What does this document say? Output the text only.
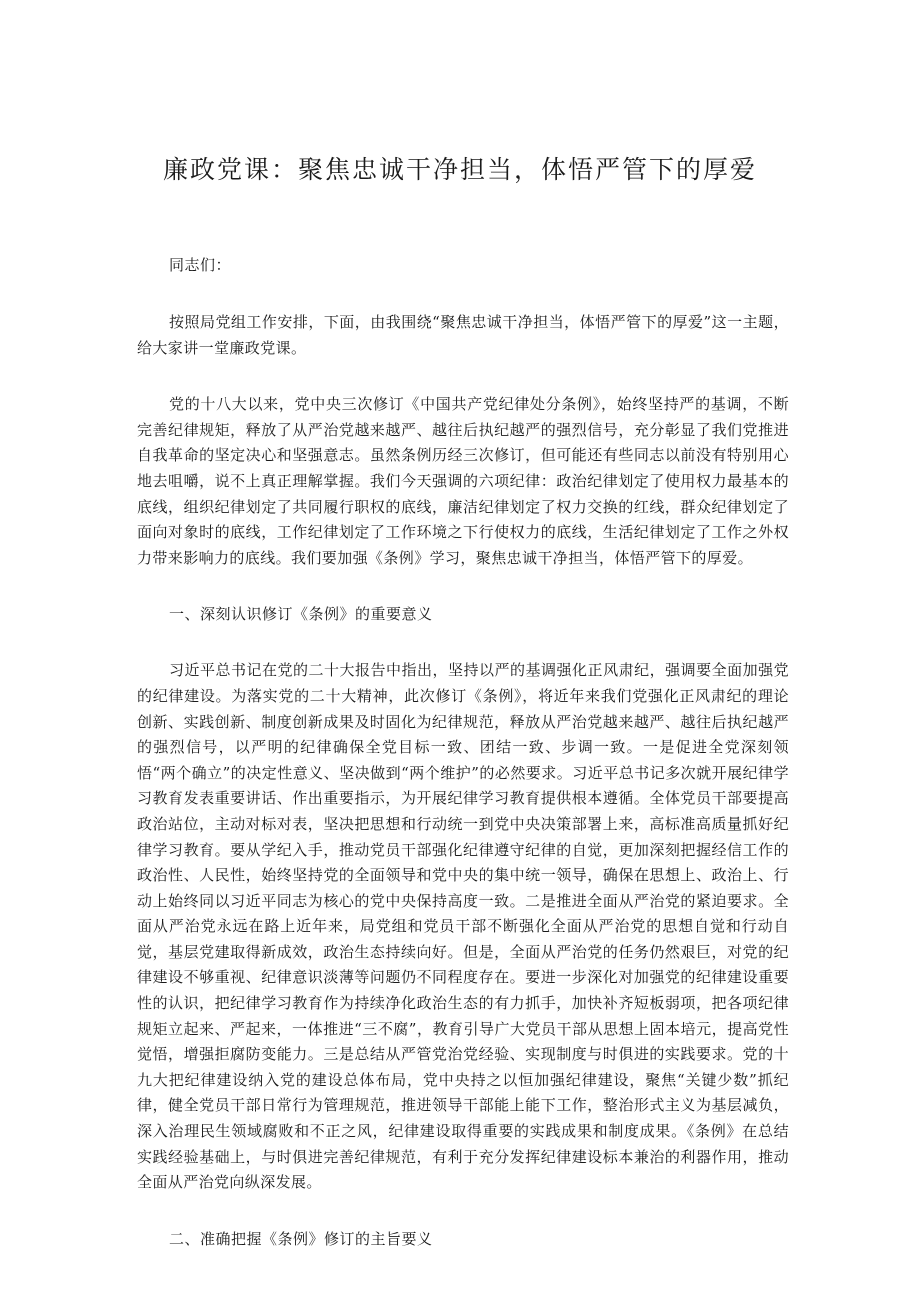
廉政党课：聚焦忠诚干净担当，体悟严管下的厚爱

同志们：

按照局党组工作安排，下面，由我围绕“聚焦忠诚干净担当，体悟严管下的厚爱”这一主题，给大家讲一堂廉政党课。

党的十八大以来，党中央三次修订《中国共产党纪律处分条例》，始终坚持严的基调，不断完善纪律规矩，释放了从严治党越来越严、越往后执纪越严的强烈信号，充分彰显了我们党推进自我革命的坚定决心和坚强意志。虽然条例历经三次修订，但可能还有些同志以前没有特别用心地去咀嚼，说不上真正理解掌握。我们今天强调的六项纪律：政治纪律划定了使用权力最基本的底线，组织纪律划定了共同履行职权的底线，廉洁纪律划定了权力交换的红线，群众纪律划定了面向对象时的底线，工作纪律划定了工作环境之下行使权力的底线，生活纪律划定了工作之外权力带来影响力的底线。我们要加强《条例》学习，聚焦忠诚干净担当，体悟严管下的厚爱。

一、深刻认识修订《条例》的重要意义

习近平总书记在党的二十大报告中指出，坚持以严的基调强化正风肃纪，强调要全面加强党的纪律建设。为落实党的二十大精神，此次修订《条例》，将近年来我们党强化正风肃纪的理论创新、实践创新、制度创新成果及时固化为纪律规范，释放从严治党越来越严、越往后执纪越严的强烈信号，以严明的纪律确保全党目标一致、团结一致、步调一致。一是促进全党深刻领悟“两个确立”的决定性意义、坚决做到“两个维护”的必然要求。习近平总书记多次就开展纪律学习教育发表重要讲话、作出重要指示，为开展纪律学习教育提供根本遵循。全体党员干部要提高政治站位，主动对标对表，坚决把思想和行动统一到党中央决策部署上来，高标准高质量抓好纪律学习教育。要从学纪入手，推动党员干部强化纪律遵守纪律的自觉，更加深刻把握经信工作的政治性、人民性，始终坚持党的全面领导和党中央的集中统一领导，确保在思想上、政治上、行动上始终同以习近平同志为核心的党中央保持高度一致。二是推进全面从严治党的紧迫要求。全面从严治党永远在路上近年来，局党组和党员干部不断强化全面从严治党的思想自觉和行动自觉，基层党建取得新成效，政治生态持续向好。但是，全面从严治党的任务仍然艰巨，对党的纪律建设不够重视、纪律意识淡薄等问题仍不同程度存在。要进一步深化对加强党的纪律建设重要性的认识，把纪律学习教育作为持续净化政治生态的有力抓手，加快补齐短板弱项，把各项纪律规矩立起来、严起来，一体推进“三不腐”，教育引导广大党员干部从思想上固本培元，提高党性觉悟，增强拒腐防变能力。三是总结从严管党治党经验、实现制度与时俱进的实践要求。党的十九大把纪律建设纳入党的建设总体布局，党中央持之以恒加强纪律建设，聚焦“关键少数”抓纪律，健全党员干部日常行为管理规范，推进领导干部能上能下工作，整治形式主义为基层减负，深入治理民生领域腐败和不正之风，纪律建设取得重要的实践成果和制度成果。《条例》在总结实践经验基础上，与时俱进完善纪律规范，有利于充分发挥纪律建设标本兼治的利器作用，推动全面从严治党向纵深发展。

二、准确把握《条例》修订的主旨要义
